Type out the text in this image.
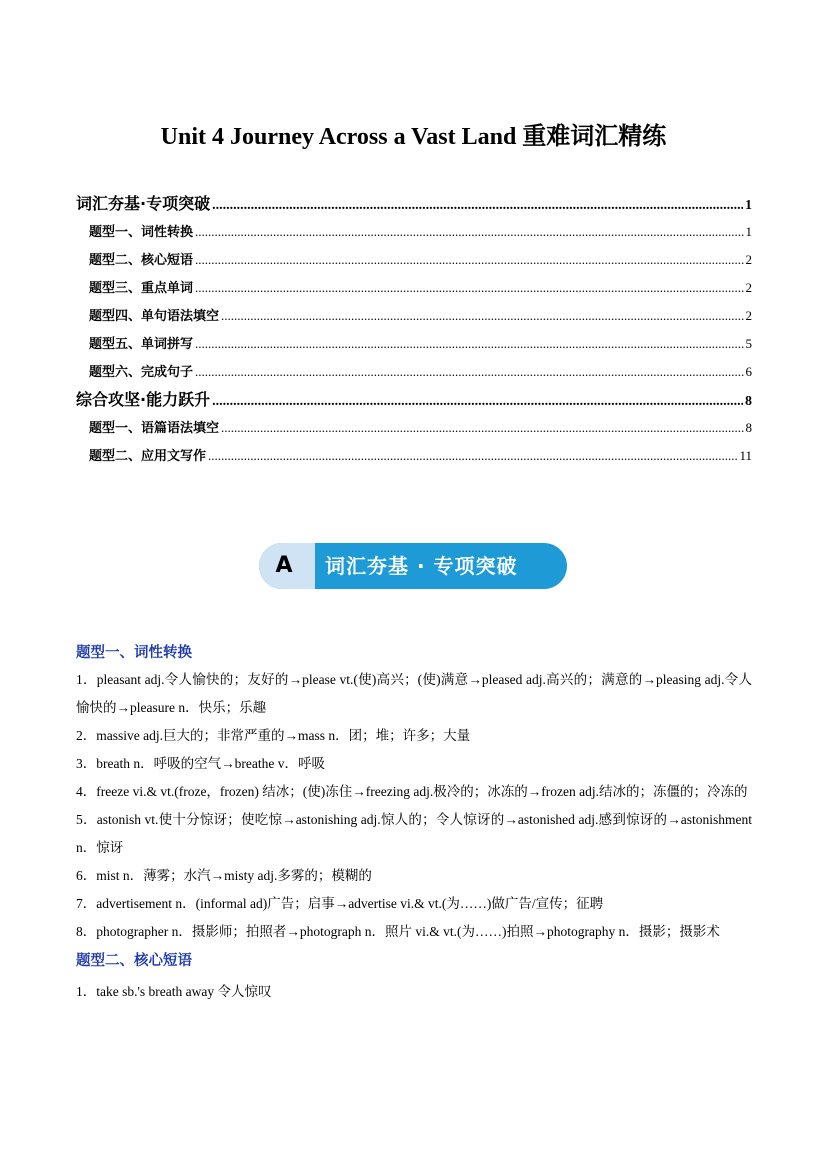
Unit 4 Journey Across a Vast Land 重难词汇精练
词汇夯基·专项突破 .....	1
题型一、词性转换 .....	1
题型二、核心短语 .....	2
题型三、重点单词 .....	2
题型四、单句语法填空 .....	2
题型五、单词拼写 .....	5
题型六、完成句子 .....	6
综合攻坚·能力跃升 .....	8
题型一、语篇语法填空 .....	8
题型二、应用文写作 .....	11
A	词汇夯基 · 专项突破
题型一、词性转换
1．pleasant adj.令人愉快的；友好的→please vt.(使)高兴；(使)满意→pleased adj.高兴的；满意的→pleasing adj.令人愉快的→pleasure n．快乐；乐趣
2．massive adj.巨大的；非常严重的→mass n．团；堆；许多；大量
3．breath n．呼吸的空气→breathe v．呼吸
4．freeze vi.& vt.(froze，frozen) 结冰；(使)冻住→freezing adj.极冷的；冰冻的→frozen adj.结冰的；冻僵的；冷冻的
5．astonish vt.使十分惊讶；使吃惊→astonishing adj.惊人的；令人惊讶的→astonished adj.感到惊讶的→astonishment n．惊讶
6．mist n．薄雾；水汽→misty adj.多雾的；模糊的
7．advertisement n．(informal ad)广告；启事→advertise vi.& vt.(为……)做广告/宣传；征聘
8．photographer n．摄影师；拍照者→photograph n．照片 vi.& vt.(为……)拍照→photography n．摄影；摄影术
题型二、核心短语
1．take sb.'s breath away 令人惊叹
